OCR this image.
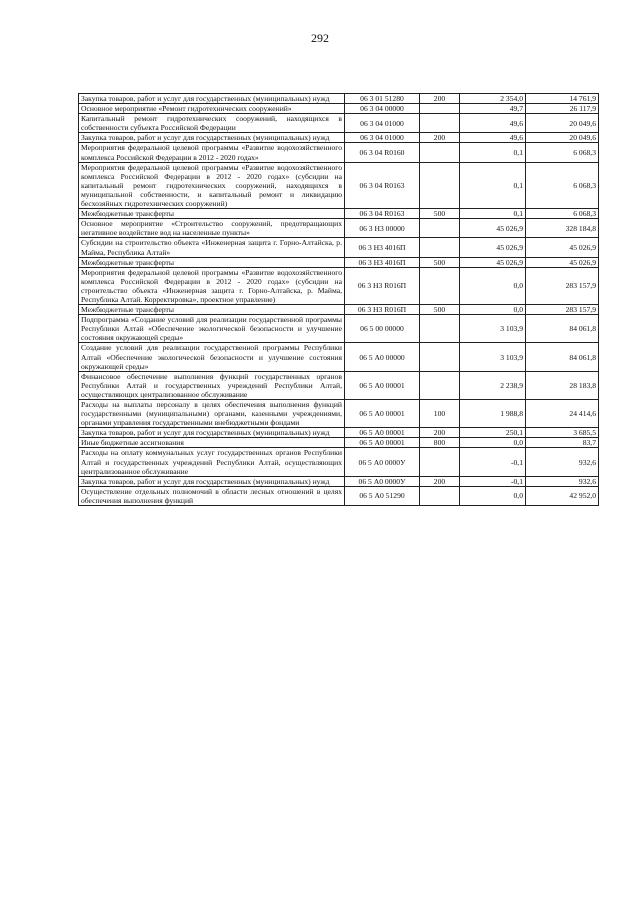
292
Закупка товаров, работ и услуг для государственных (муниципальных) нужд	06 3 01 51280	200	2 354,0	14 761,9
Основное мероприятие «Ремонт гидротехнических сооружений»	06 3 04 00000		49,7	26 117,9
Капитальный ремонт гидротехнических сооружений, находящихся в собственности субъекта Российской Федерации	06 3 04 01000		49,6	20 049,6
Закупка товаров, работ и услуг для государственных (муниципальных) нужд	06 3 04 01000	200	49,6	20 049,6
Мероприятия федеральной целевой программы «Развитие водохозяйственного комплекса Российской Федерации в 2012 - 2020 годах»	06 3 04 R0160		0,1	6 068,3
Мероприятия федеральной целевой программы «Развитие водохозяйственного комплекса Российской Федерации в 2012 - 2020 годах» (субсидии на капитальный ремонт гидротехнических сооружений, находящихся в муниципальной собственности, и капитальный ремонт и ликвидацию бесхозяйных гидротехнических сооружений)	06 3 04 R0163		0,1	6 068,3
Межбюджетные трансферты	06 3 04 R0163	500	0,1	6 068,3
Основное мероприятие «Строительство сооружений, предотвращающих негативное воздействие вод на населенные пункты»	06 3 Н3 00000		45 026,9	328 184,8
Субсидии на строительство объекта «Инженерная защита г. Горно-Алтайска, р. Майма, Республика Алтай»	06 3 Н3 4016П		45 026,9	45 026,9
Межбюджетные трансферты	06 3 Н3 4016П	500	45 026,9	45 026,9
Мероприятия федеральной целевой программы «Развитие водохозяйственного комплекса Российской Федерации в 2012 - 2020 годах» (субсидии на строительство объекта «Инженерная защита г. Горно-Алтайска, р. Майма, Республика Алтай. Корректировка», проектное управление)	06 3 Н3 R016П		0,0	283 157,9
Межбюджетные трансферты	06 3 Н3 R016П	500	0,0	283 157,9
Подпрограмма «Создание условий для реализации государственной программы Республики Алтай «Обеспечение экологической безопасности и улучшение состояния окружающей среды»	06 5 00 00000		3 103,9	84 061,8
Создание условий для реализации государственной программы Республики Алтай «Обеспечение экологической безопасности и улучшение состояния окружающей среды»	06 5 А0 00000		3 103,9	84 061,8
Финансовое обеспечение выполнения функций государственных органов Республики Алтай и государственных учреждений Республики Алтай, осуществляющих централизованное обслуживание	06 5 А0 00001		2 238,9	28 183,8
Расходы на выплаты персоналу в целях обеспечения выполнения функций государственными (муниципальными) органами, казенными учреждениями, органами управления государственными внебюджетными фондами	06 5 А0 00001	100	1 988,8	24 414,6
Закупка товаров, работ и услуг для государственных (муниципальных) нужд	06 5 А0 00001	200	250,1	3 685,5
Иные бюджетные ассигнования	06 5 А0 00001	800	0,0	83,7
Расходы на оплату коммунальных услуг государственных органов Республики Алтай и государственных учреждений Республики Алтай, осуществляющих централизованное обслуживание	06 5 А0 0000У		-0,1	932,6
Закупка товаров, работ и услуг для государственных (муниципальных) нужд	06 5 А0 0000У	200	-0,1	932,6
Осуществление отдельных полномочий в области лесных отношений в целях обеспечения выполнения функций	06 5 А0 51290		0,0	42 952,0
